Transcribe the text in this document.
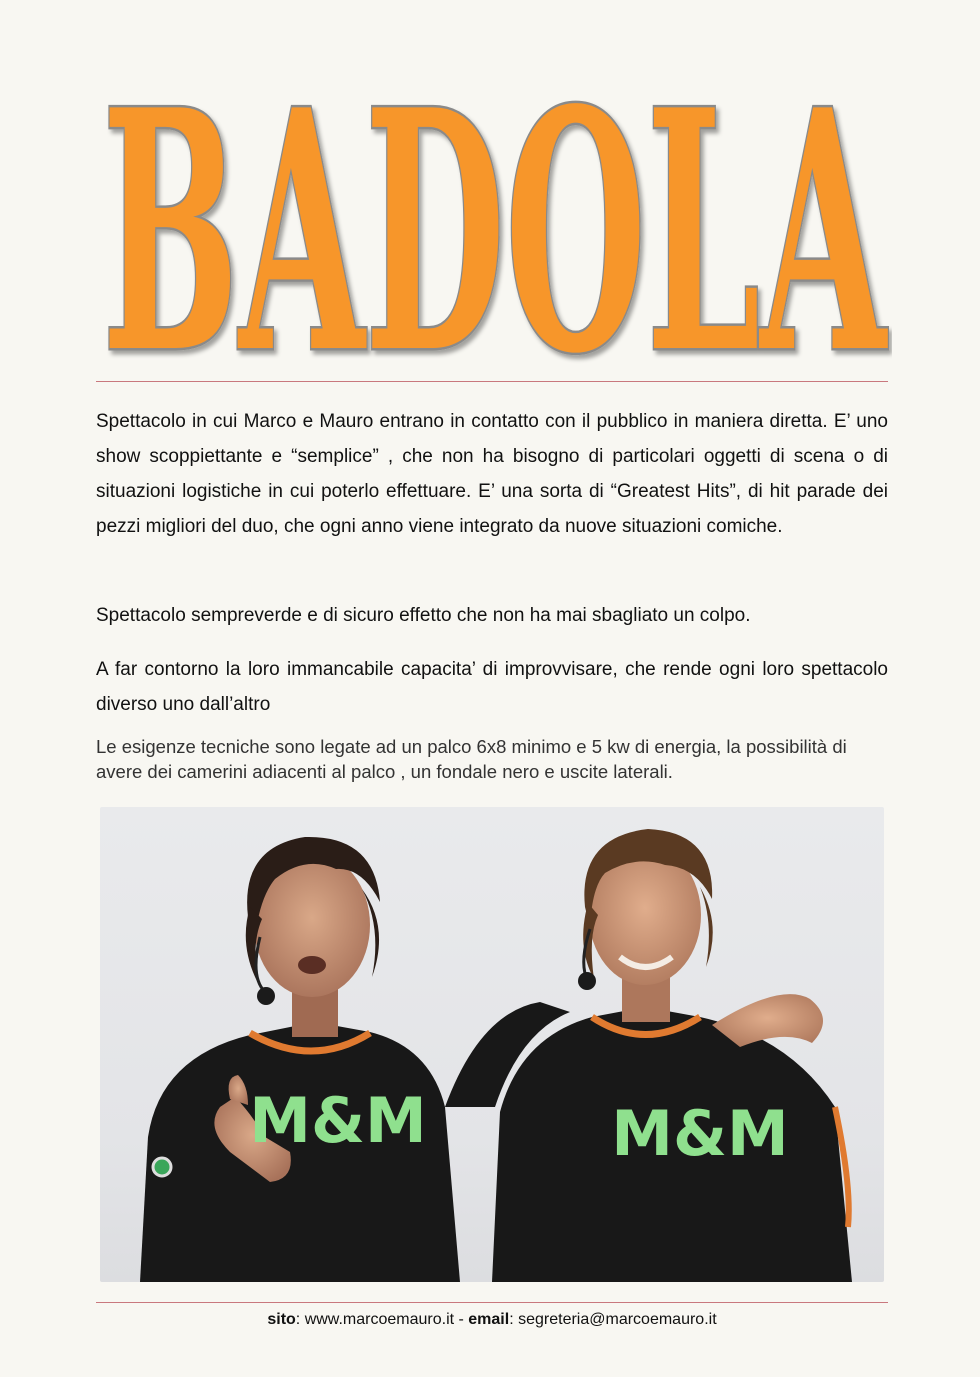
BADOLA

Spettacolo in cui Marco e Mauro entrano in contatto con il pubblico in maniera diretta. E’ uno show scoppiettante e “semplice” , che non ha bisogno di particolari oggetti di scena o di situazioni logistiche in cui poterlo effettuare. E’ una sorta di “Greatest Hits”, di hit parade dei pezzi migliori del duo, che ogni anno viene integrato da nuove situazioni comiche.

Spettacolo sempreverde e di sicuro effetto che non ha mai sbagliato un colpo.

A far contorno la loro immancabile capacita’ di improvvisare, che rende ogni loro spettacolo diverso uno dall’altro

Le esigenze tecniche sono legate ad un palco 6x8 minimo e 5 kw di energia, la possibilità di avere dei camerini adiacenti al palco , un fondale nero e uscite laterali.

M&M	M&M
sito: www.marcoemauro.it - email: segreteria@marcoemauro.it
